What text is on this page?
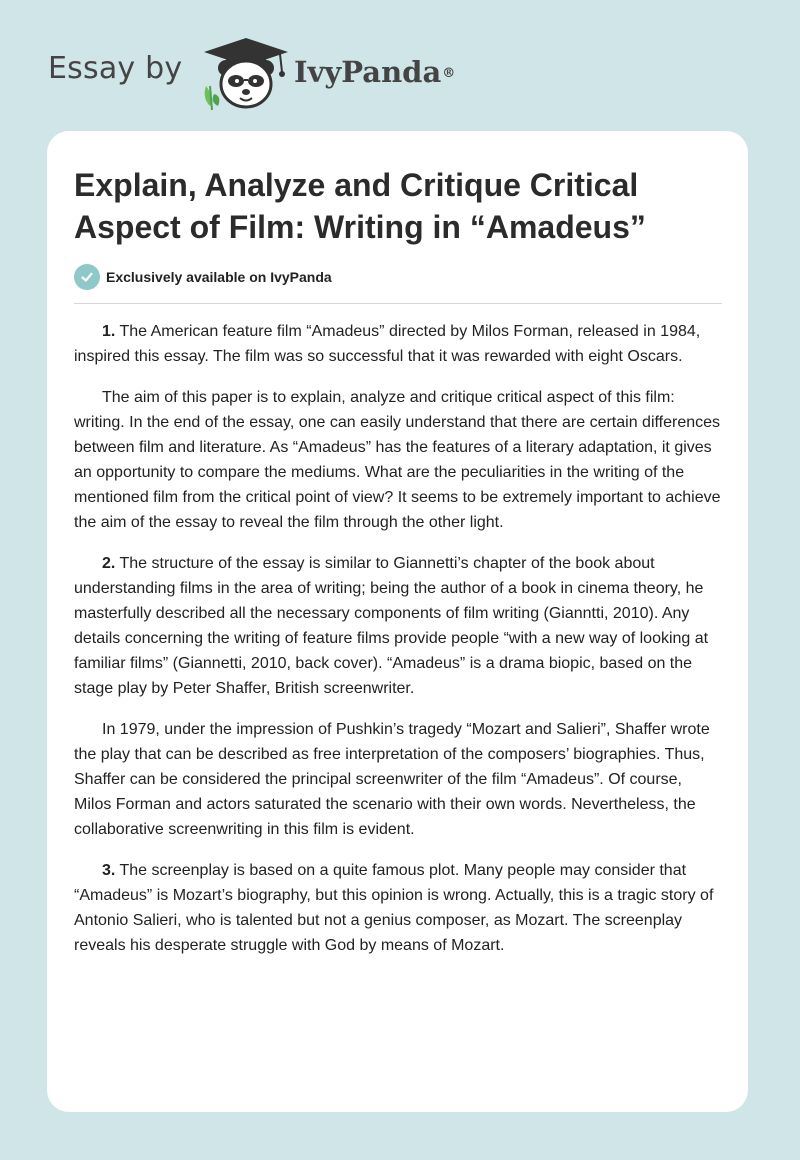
Essay by	IvyPanda®
Explain, Analyze and Critique Critical Aspect of Film: Writing in “Amadeus”
Exclusively available on IvyPanda

1. The American feature film “Amadeus” directed by Milos Forman, released in 1984, inspired this essay. The film was so successful that it was rewarded with eight Oscars.

The aim of this paper is to explain, analyze and critique critical aspect of this film: writing. In the end of the essay, one can easily understand that there are certain differences between film and literature. As “Amadeus” has the features of a literary adaptation, it gives an opportunity to compare the mediums. What are the peculiarities in the writing of the mentioned film from the critical point of view? It seems to be extremely important to achieve the aim of the essay to reveal the film through the other light.

2. The structure of the essay is similar to Giannetti’s chapter of the book about understanding films in the area of writing; being the author of a book in cinema theory, he masterfully described all the necessary components of film writing (Gianntti, 2010). Any details concerning the writing of feature films provide people “with a new way of looking at familiar films” (Giannetti, 2010, back cover). “Amadeus” is a drama biopic, based on the stage play by Peter Shaffer, British screenwriter.

In 1979, under the impression of Pushkin’s tragedy “Mozart and Salieri”, Shaffer wrote the play that can be described as free interpretation of the composers’ biographies. Thus, Shaffer can be considered the principal screenwriter of the film “Amadeus”. Of course, Milos Forman and actors saturated the scenario with their own words. Nevertheless, the collaborative screenwriting in this film is evident.

3. The screenplay is based on a quite famous plot. Many people may consider that “Amadeus” is Mozart’s biography, but this opinion is wrong. Actually, this is a tragic story of Antonio Salieri, who is talented but not a genius composer, as Mozart. The screenplay reveals his desperate struggle with God by means of Mozart.
